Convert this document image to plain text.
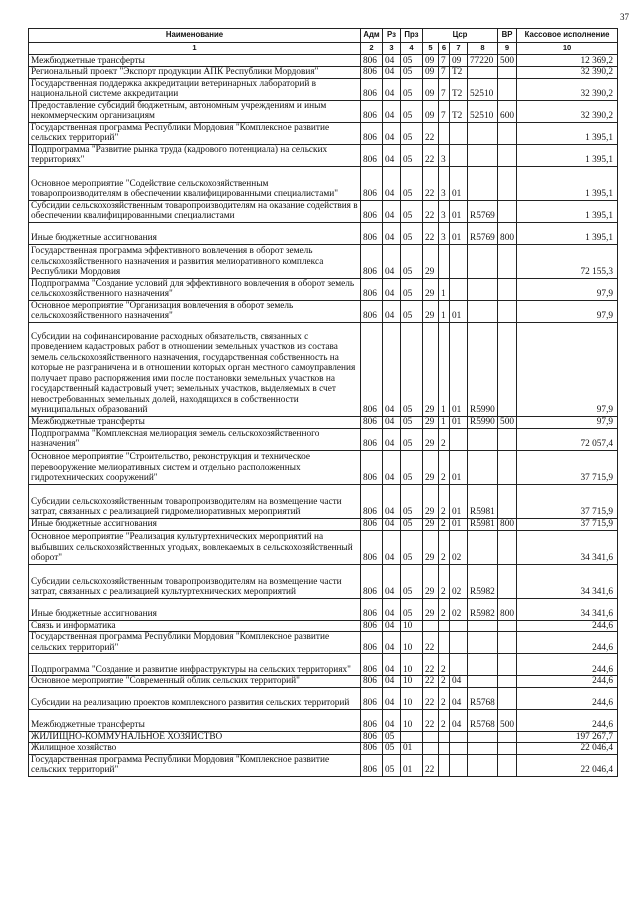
37
Наименование	Адм	Рз	Прз	Цср				ВР	Кассовое исполнение
1	2	3	4	5	6	7	8	9	10
Межбюджетные трансферты	806	04	05	09	7	09	77220	500	12 369,2
Региональный проект "Экспорт продукции АПК Республики Мордовия"	806	04	05	09	7	Т2			32 390,2
Государственная поддержка аккредитации ветеринарных лабораторий в национальной системе аккредитации	806	04	05	09	7	Т2	52510		32 390,2
Предоставление субсидий бюджетным, автономным учреждениям и иным некоммерческим организациям	806	04	05	09	7	Т2	52510	600	32 390,2
Государственная программа Республики Мордовия "Комплексное развитие сельских территорий"	806	04	05	22					1 395,1
Подпрограмма "Развитие рынка труда (кадрового потенциала) на сельских территориях"	806	04	05	22	3				1 395,1
Основное мероприятие "Содействие сельскохозяйственным товаропроизводителям в обеспечении квалифицированными специалистами"	806	04	05	22	3	01			1 395,1
Субсидии сельскохозяйственным товаропроизводителям на оказание содействия в обеспечении квалифицированными специалистами	806	04	05	22	3	01	R5769		1 395,1
Иные бюджетные ассигнования	806	04	05	22	3	01	R5769	800	1 395,1
Государственная программа эффективного вовлечения в оборот земель сельскохозяйственного назначения и развития мелиоративного комплекса Республики Мордовия	806	04	05	29					72 155,3
Подпрограмма "Создание условий для эффективного вовлечения в оборот земель сельскохозяйственного назначения"	806	04	05	29	1				97,9
Основное мероприятие "Организация вовлечения в оборот земель сельскохозяйственного назначения"	806	04	05	29	1	01			97,9
Субсидии на софинансирование расходных обязательств, связанных с проведением кадастровых работ в отношении земельных участков из состава земель сельскохозяйственного назначения, государственная собственность на которые не разграничена и в отношении которых орган местного самоуправления получает право распоряжения ими после постановки земельных участков на государственный кадастровый учет; земельных участков, выделяемых в счет невостребованных земельных долей, находящихся в собственности муниципальных образований	806	04	05	29	1	01	R5990		97,9
Межбюджетные трансферты	806	04	05	29	1	01	R5990	500	97,9
Подпрограмма "Комплексная мелиорация земель сельскохозяйственного назначения"	806	04	05	29	2				72 057,4
Основное мероприятие "Строительство, реконструкция и техническое перевооружение мелиоративных систем и отдельно расположенных гидротехнических сооружений"	806	04	05	29	2	01			37 715,9
Субсидии сельскохозяйственным товаропроизводителям на возмещение части затрат, связанных с реализацией гидромелиоративных мероприятий	806	04	05	29	2	01	R5981		37 715,9
Иные бюджетные ассигнования	806	04	05	29	2	01	R5981	800	37 715,9
Основное мероприятие "Реализация культуртехнических мероприятий на выбывших сельскохозяйственных угодьях, вовлекаемых в сельскохозяйственный оборот"	806	04	05	29	2	02			34 341,6
Субсидии сельскохозяйственным товаропроизводителям на возмещение части затрат, связанных с реализацией культуртехнических мероприятий	806	04	05	29	2	02	R5982		34 341,6
Иные бюджетные ассигнования	806	04	05	29	2	02	R5982	800	34 341,6
Связь и информатика	806	04	10						244,6
Государственная программа Республики Мордовия "Комплексное развитие сельских территорий"	806	04	10	22					244,6
Подпрограмма "Создание и развитие инфраструктуры на сельских территориях"	806	04	10	22	2				244,6
Основное мероприятие "Современный облик сельских территорий"	806	04	10	22	2	04			244,6
Субсидии на реализацию проектов комплексного развития сельских территорий	806	04	10	22	2	04	R5768		244,6
Межбюджетные трансферты	806	04	10	22	2	04	R5768	500	244,6
ЖИЛИЩНО-КОММУНАЛЬНОЕ ХОЗЯЙСТВО	806	05							197 267,7
Жилищное хозяйство	806	05	01						22 046,4
Государственная программа Республики Мордовия "Комплексное развитие сельских территорий"	806	05	01	22					22 046,4
